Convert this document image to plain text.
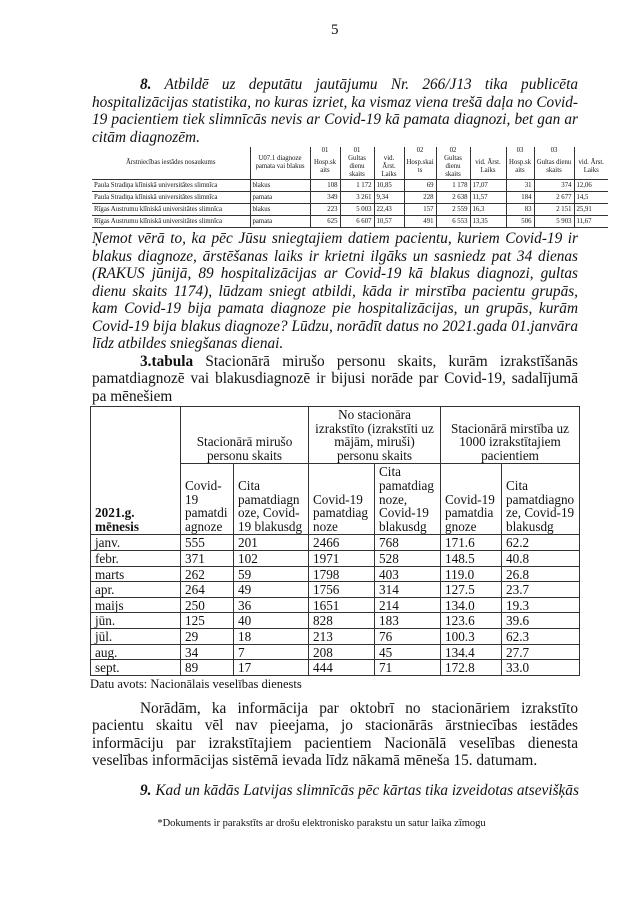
5

8. Atbildē uz deputātu jautājumu Nr. 266/J13 tika publicēta hospitalizācijas statistika, no kuras izriet, ka vismaz viena trešā daļa no Covid-19 pacientiem tiek slimnīcās nevis ar Covid-19 kā pamata diagnozi, bet gan ar citām diagnozēm.

Ārstniecības iestādes nosaukums	U07.1 diagnoze pamata vai blakus	01	01		02	02		03	03	
		Hosp.skaits	Gultas dienu skaits	vid. Ārst. Laiks	Hosp.skaits	Gultas dienu skaits	vid. Ārst. Laiks	Hosp.skaits	Gultas dienu skaits	vid. Ārst. Laiks
Paula Stradiņa klīniskā universitātes slimnīca	blakus	108	1 172	10,85	69	1 178	17,07	31	374	12,06
Paula Stradiņa klīniskā universitātes slimnīca	pamata	349	3 261	9,34	228	2 638	11,57	184	2 677	14,5
Rīgas Austrumu klīniskā universitātes slimnīca	blakus	223	5 003	22,43	157	2 559	16,3	83	2 151	25,91
Rīgas Austrumu klīniskā universitātes slimnīca	pamata	625	6 607	10,57	491	6 553	13,35	506	5 903	11,67

Ņemot vērā to, ka pēc Jūsu sniegtajiem datiem pacientu, kuriem Covid-19 ir blakus diagnoze, ārstēšanas laiks ir krietni ilgāks un sasniedz pat 34 dienas (RAKUS jūnijā, 89 hospitalizācijas ar Covid-19 kā blakus diagnozi, gultas dienu skaits 1174), lūdzam sniegt atbildi, kāda ir mirstība pacientu grupās, kam Covid-19 bija pamata diagnoze pie hospitalizācijas, un grupās, kurām Covid-19 bija blakus diagnoze? Lūdzu, norādīt datus no 2021.gada 01.janvāra līdz atbildes sniegšanas dienai.

3.tabula Stacionārā mirušo personu skaits, kurām izrakstīšanās pamatdiagnozē vai blakusdiagnozē ir bijusi norāde par Covid-19, sadalījumā pa mēnešiem

2021.g. mēnesis	Stacionārā mirušo personu skaits		No stacionāra izrakstīto (izrakstīti uz mājām, miruši) personu skaits		Stacionārā mirstība uz 1000 izrakstītajiem pacientiem	
	Covid-19 pamatdiagnoze	Cita pamatdiagnoze, Covid-19 blakusdg	Covid-19 pamatdiagnoze	Cita pamatdiagnoze, Covid-19 blakusdg	Covid-19 pamatdiagnoze	Cita pamatdiagnoze, Covid-19 blakusdg
janv.	555	201	2466	768	171.6	62.2
febr.	371	102	1971	528	148.5	40.8
marts	262	59	1798	403	119.0	26.8
apr.	264	49	1756	314	127.5	23.7
maijs	250	36	1651	214	134.0	19.3
jūn.	125	40	828	183	123.6	39.6
jūl.	29	18	213	76	100.3	62.3
aug.	34	7	208	45	134.4	27.7
sept.	89	17	444	71	172.8	33.0
Datu avots: Nacionālais veselības dienests

Norādām, ka informācija par oktobrī no stacionāriem izrakstīto pacientu skaitu vēl nav pieejama, jo stacionārās ārstniecības iestādes informāciju par izrakstītajiem pacientiem Nacionālā veselības dienesta veselības informācijas sistēmā ievada līdz nākamā mēneša 15. datumam.

9. Kad un kādās Latvijas slimnīcās pēc kārtas tika izveidotas atsevišķās

*Dokuments ir parakstīts ar drošu elektronisko parakstu un satur laika zīmogu
